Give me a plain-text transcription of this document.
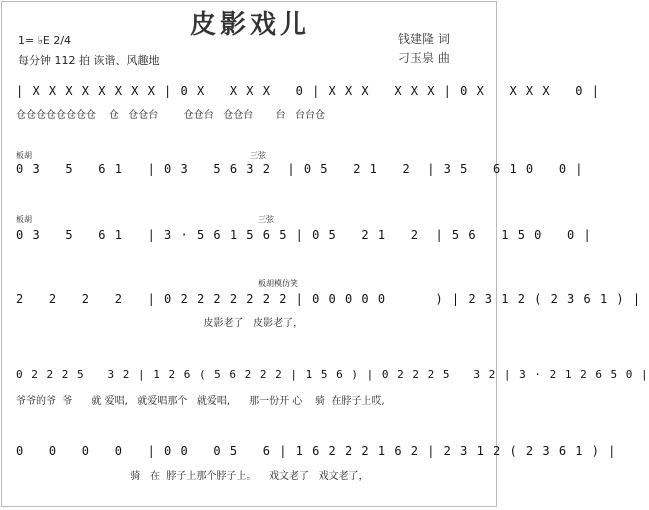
皮影戏儿
1= ♭E 2/4
每分钟 112 拍 诙谐、风趣地
钱建隆 词
刁玉泉 曲
| X X X X X X X X | 0 X   X X X   0 | X X X   X X X | 0 X   X X X   0 |
仓仓仓仓仓仓仓仓    仓   仓仓台        仓仓台   仓仓台       台   台台仓
板胡	三弦
0 3   5   6 1   | 0 3   5 6 3 2  | 0 5   2 1   2  | 3 5   6 1 0   0 |
板胡	三弦
0 3   5   6 1   | 3 · 5 6 1 5 6 5 | 0 5   2 1   2  | 5 6   1 5 0   0 |
板胡模仿笑
2   2   2   2   | 0 2 2 2 2 2 2 2 | 0 0 0 0 0      ) | 2 3 1 2 ( 2 3 6 1 ) |
皮影老了   皮影老了，
0 2 2 2 5   3 2 | 1 2 6 ( 5 6 2 2 2 | 1 5 6 ) | 0 2 2 2 5   3 2 | 3 · 2 1 2 6 5 0 |
爷爷的爷  爷      就 爱唱,   就爱唱那个   就爱唱,      那一份开 心    骑  在脖子上哎,
0   0   0   0   | 0 0   0 5   6 | 1 6 2 2 2 1 6 2 | 2 3 1 2 ( 2 3 6 1 ) |
骑   在  脖子上那个脖子上。    戏文老了   戏文老了，
